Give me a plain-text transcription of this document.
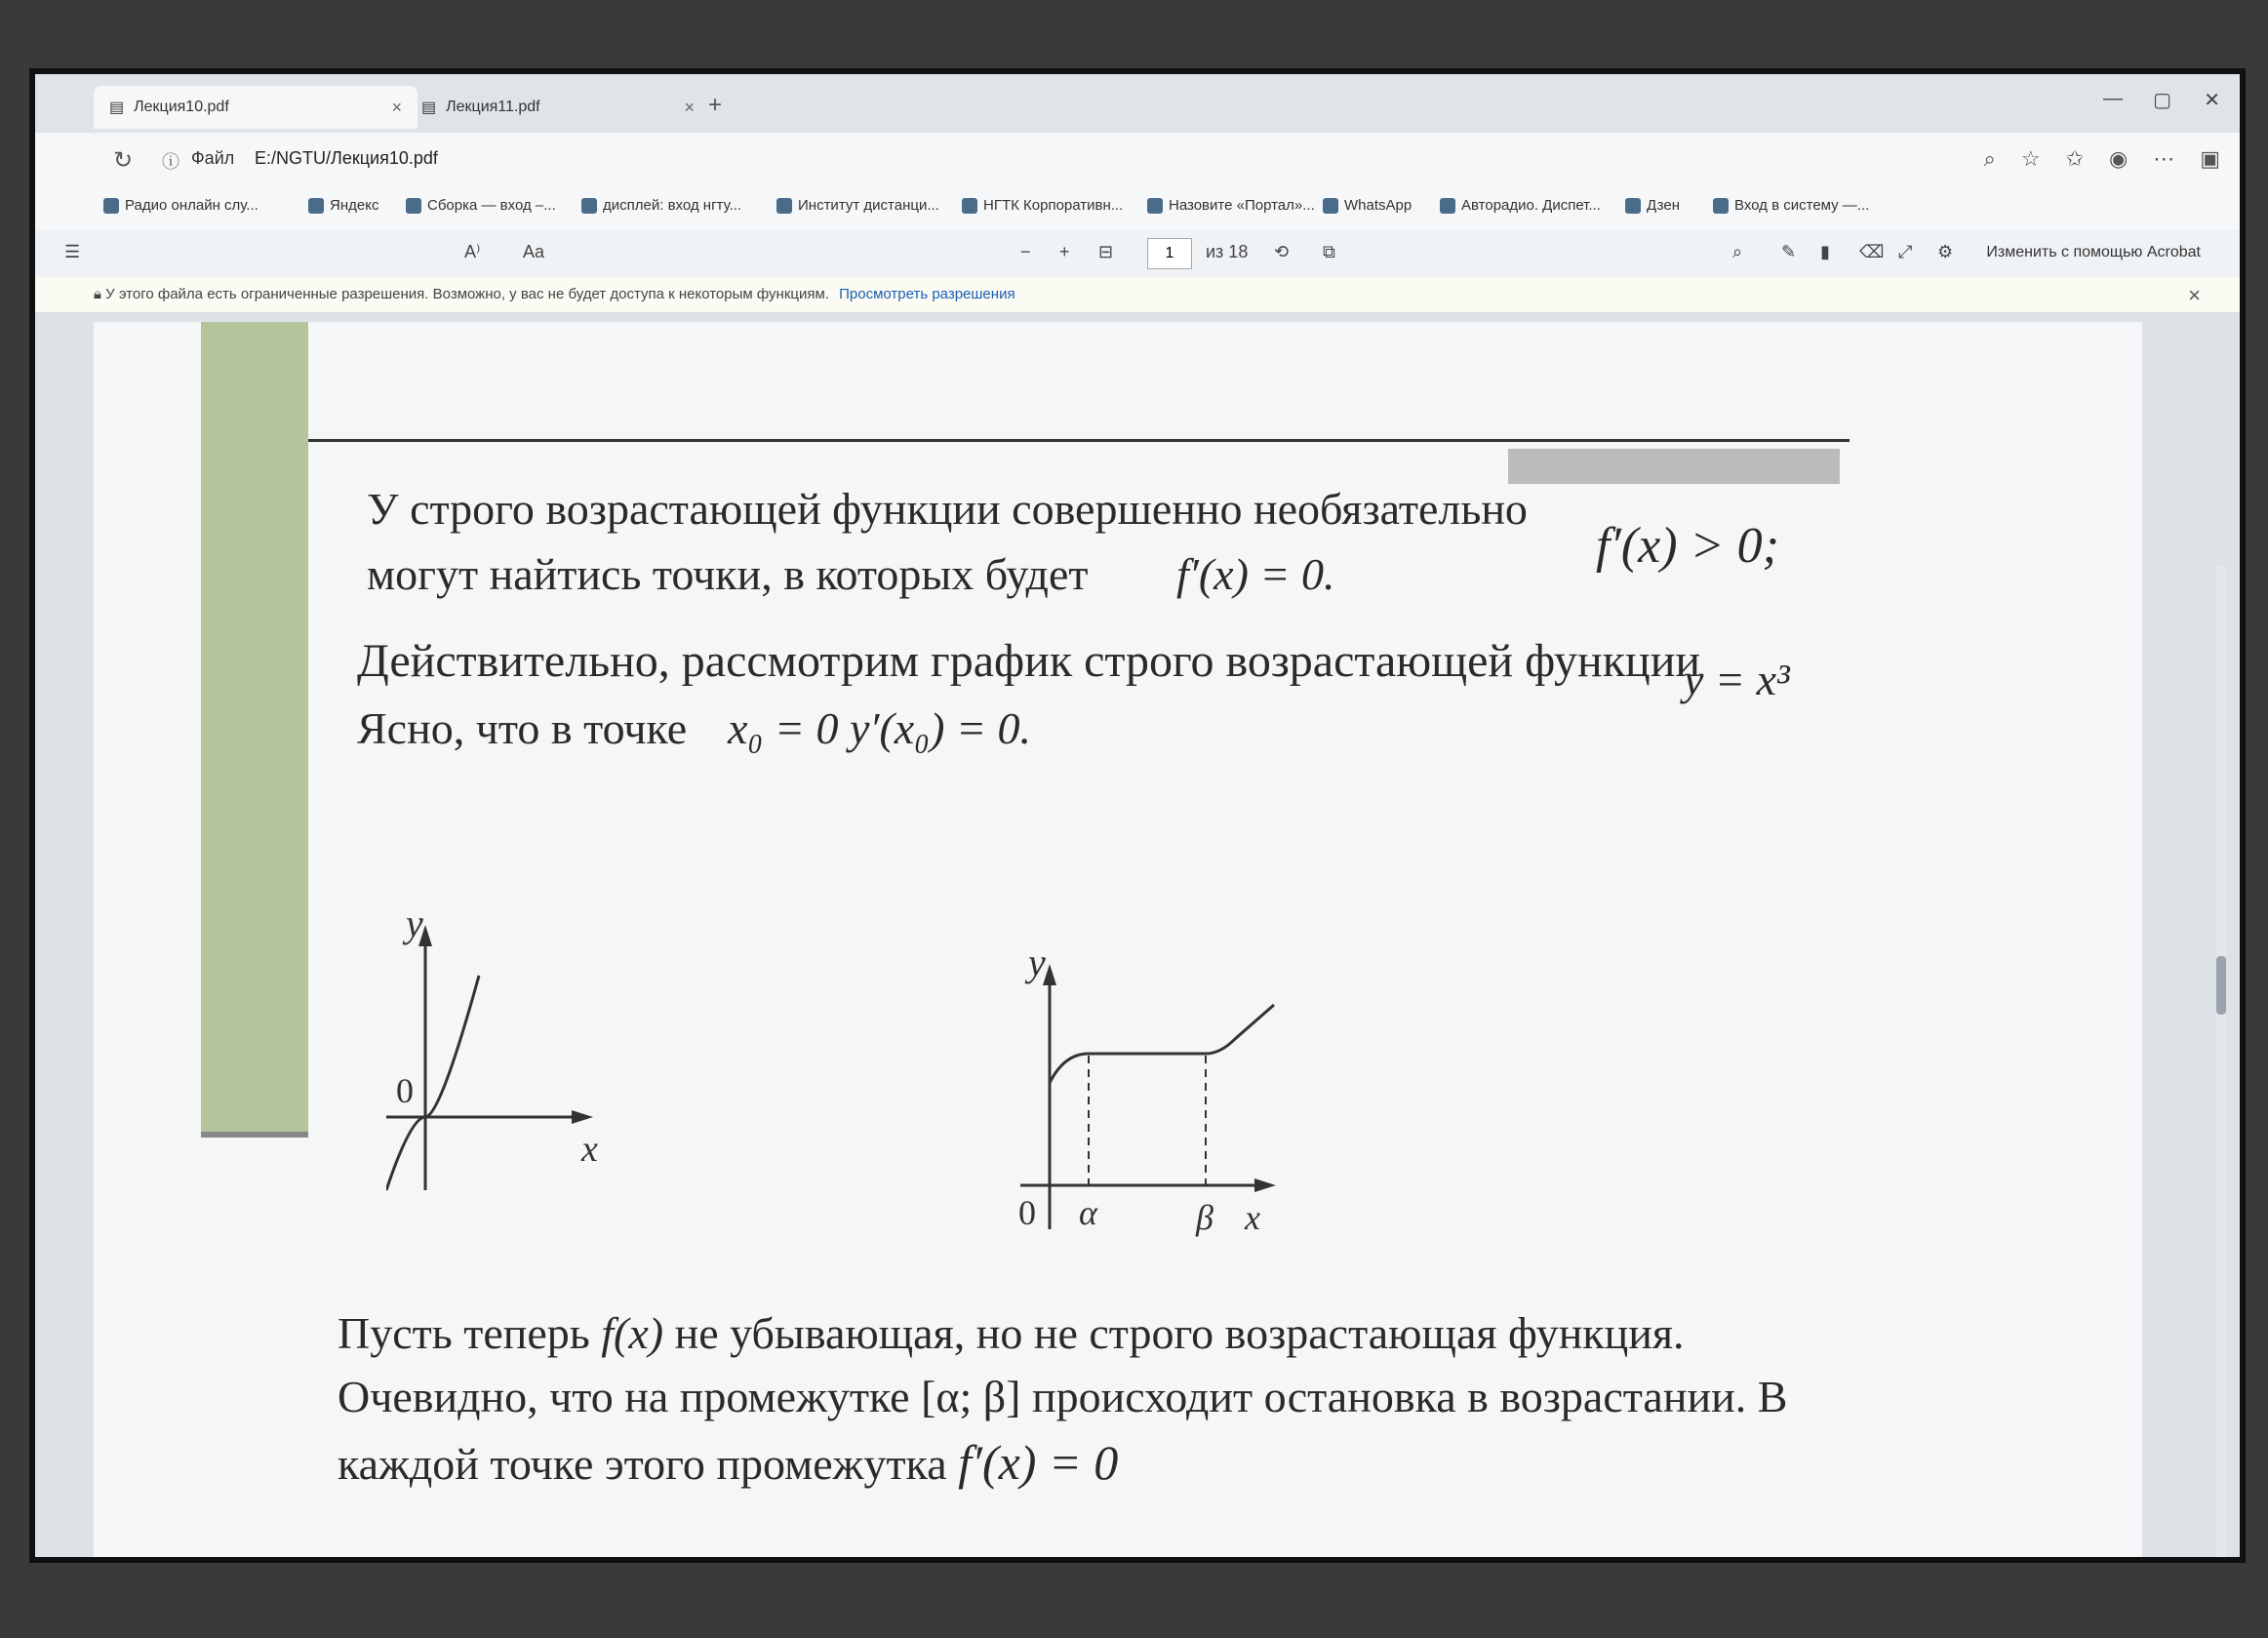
▤ Лекция10.pdf	× ▤ Лекция11.pdf	× +	— ▢ ✕
↻ ⓘ Файл E:/NGTU/Лекция10.pdf	⌕ ☆ ✩ ◉ ⋯ ▣
Радио онлайн слу...	Яндекс	Сборка — вход –...	дисплей: вход нгту...	Институт дистанци...	НГТК Корпоративн...	Назовите «Портал»... WhatsApp	Авторадио. Диспет...	Дзен	Вход в систему —...
☰	A⁾ Aa	− + ⊟	1	из 18 ⟲ ⧉	⌕ ✎ ▮ ⌫ ⤢ ⚙ Изменить с помощью Acrobat
🔒︎ У этого файла есть ограниченные разрешения. Возможно, у вас не будет доступа к некоторым функциям. Просмотреть разрешения	×
У строго возрастающей функции совершенно необязательно
f′(x) > 0;
могут найтись точки, в которых будет f′(x) = 0.
Действительно, рассмотрим график строго возрастающей функции
y = x³
Ясно, что в точке x₀ = 0 y′(x₀) = 0.
y
x
0
y
0 α	β x
Пусть теперь f(x) не убывающая, но не строго возрастающая функция.
Очевидно, что на промежутке [α; β] происходит остановка в возрастании. В
каждой точке этого промежутка f′(x) = 0
